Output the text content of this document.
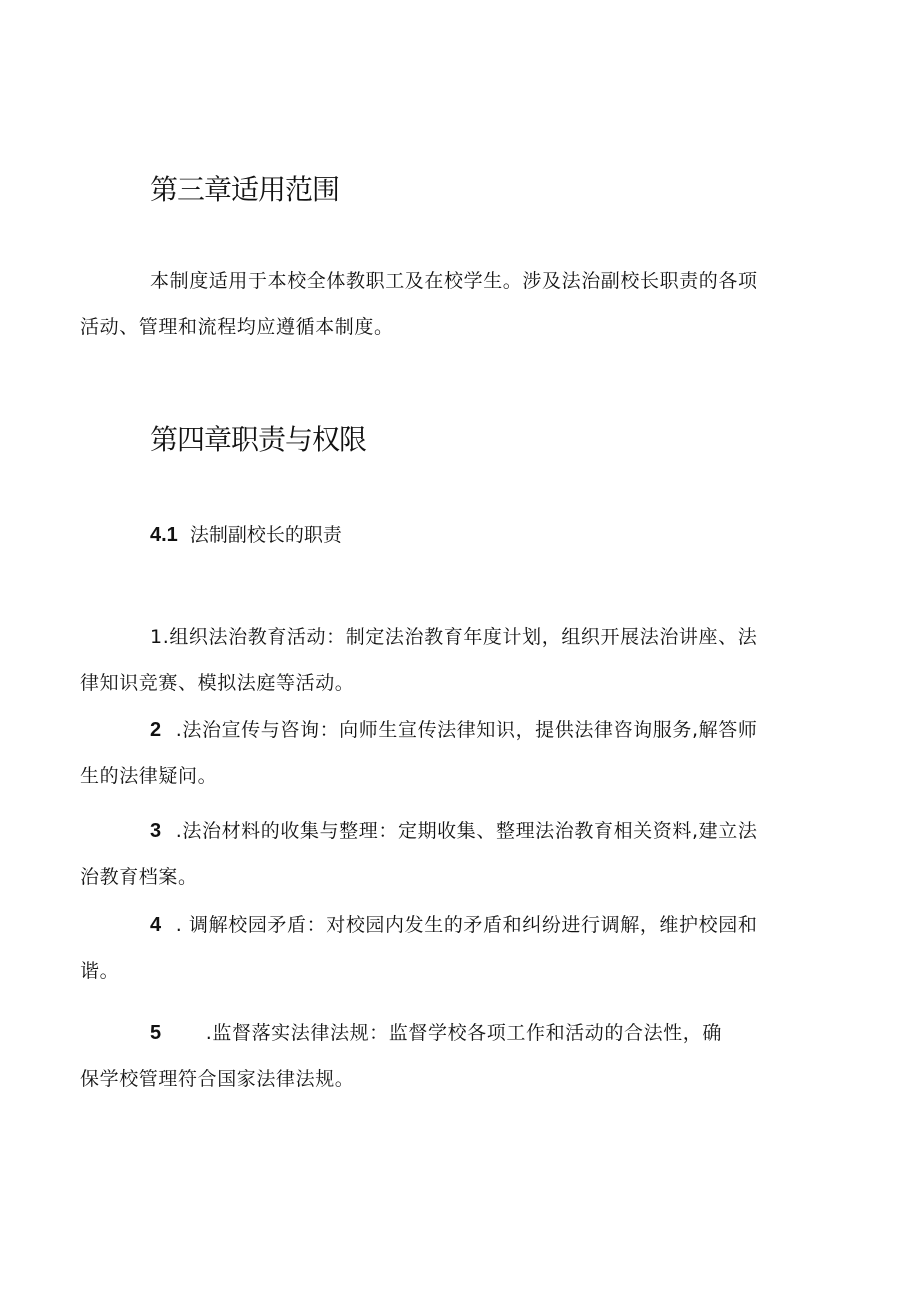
第三章适用范围

本制度适用于本校全体教职工及在校学生。涉及法治副校长职责的各项
活动、管理和流程均应遵循本制度。

第四章职责与权限

4.1 法制副校长的职责

1.组织法治教育活动：制定法治教育年度计划，组织开展法治讲座、法
律知识竞赛、模拟法庭等活动。

2 .法治宣传与咨询：向师生宣传法律知识，提供法律咨询服务,解答师
生的法律疑问。

3 .法治材料的收集与整理：定期收集、整理法治教育相关资料,建立法
治教育档案。

4 . 调解校园矛盾：对校园内发生的矛盾和纠纷进行调解，维护校园和
谐。

5 .监督落实法律法规：监督学校各项工作和活动的合法性，确
保学校管理符合国家法律法规。
